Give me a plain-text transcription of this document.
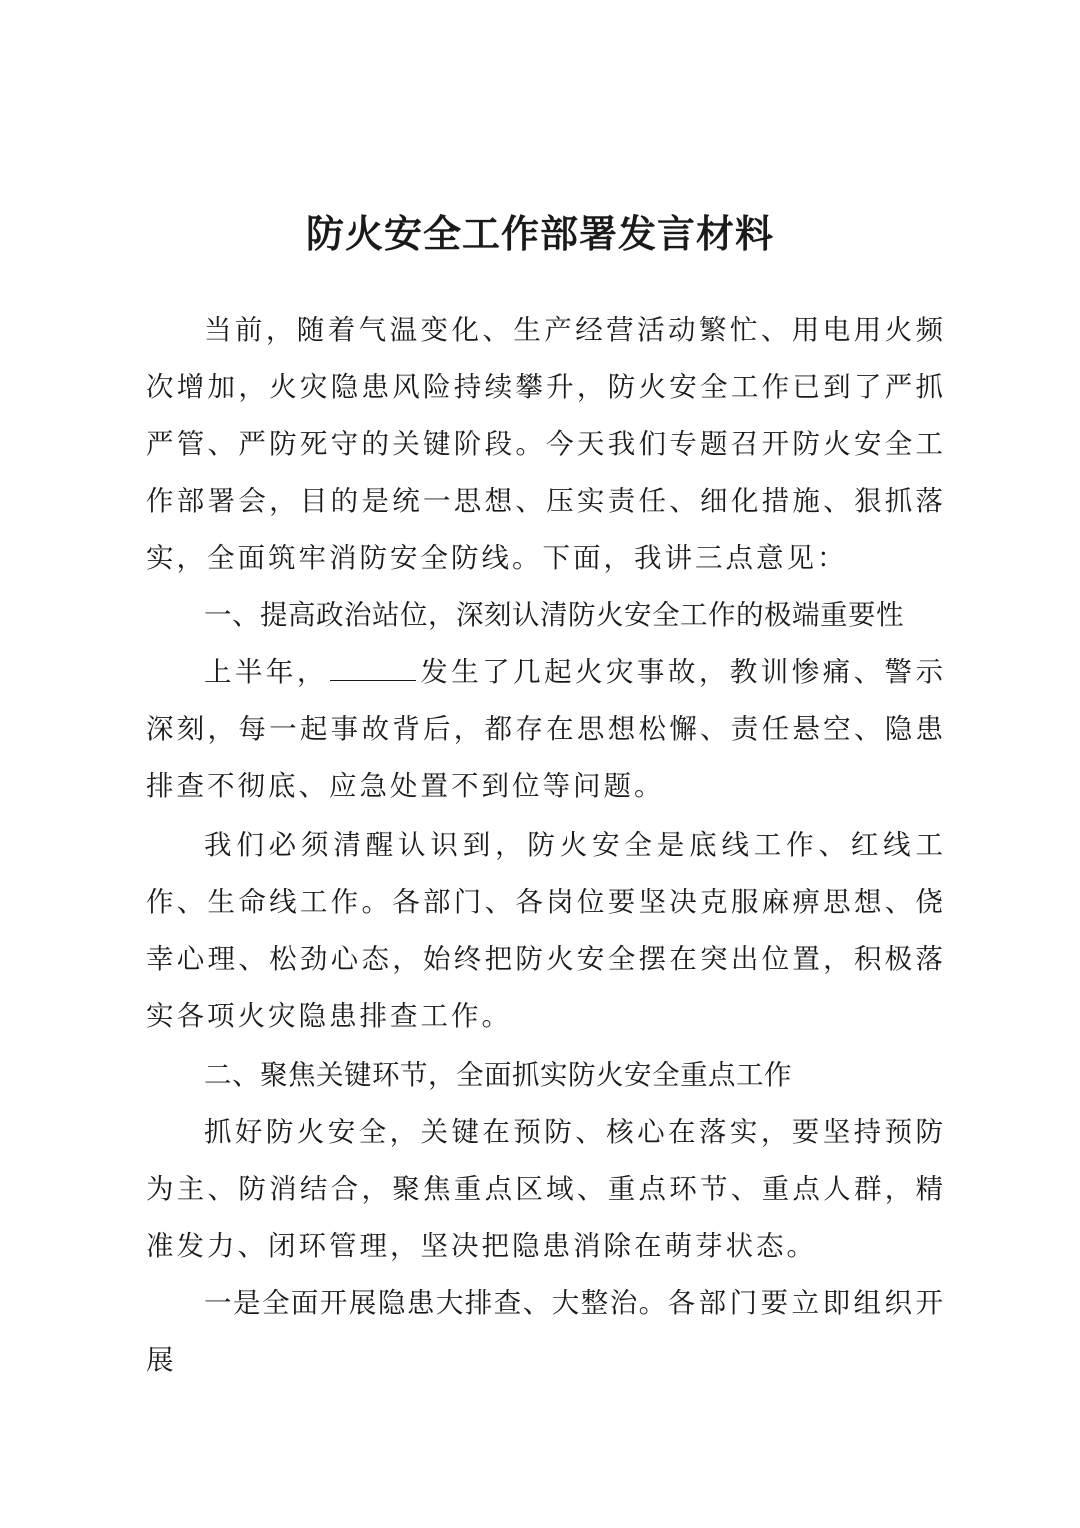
防火安全工作部署发言材料

当前，随着气温变化、生产经营活动繁忙、用电用火频次增加，火灾隐患风险持续攀升，防火安全工作已到了严抓严管、严防死守的关键阶段。今天我们专题召开防火安全工作部署会，目的是统一思想、压实责任、细化措施、狠抓落实，全面筑牢消防安全防线。下面，我讲三点意见：

一、提高政治站位，深刻认清防火安全工作的极端重要性

上半年，	发生了几起火灾事故，教训惨痛、警示深刻，每一起事故背后，都存在思想松懈、责任悬空、隐患排查不彻底、应急处置不到位等问题。

我们必须清醒认识到，防火安全是底线工作、红线工作、生命线工作。各部门、各岗位要坚决克服麻痹思想、侥幸心理、松劲心态，始终把防火安全摆在突出位置，积极落实各项火灾隐患排查工作。

二、聚焦关键环节，全面抓实防火安全重点工作

抓好防火安全，关键在预防、核心在落实，要坚持预防为主、防消结合，聚焦重点区域、重点环节、重点人群，精准发力、闭环管理，坚决把隐患消除在萌芽状态。

一是全面开展隐患大排查、大整治。各部门要立即组织开展
